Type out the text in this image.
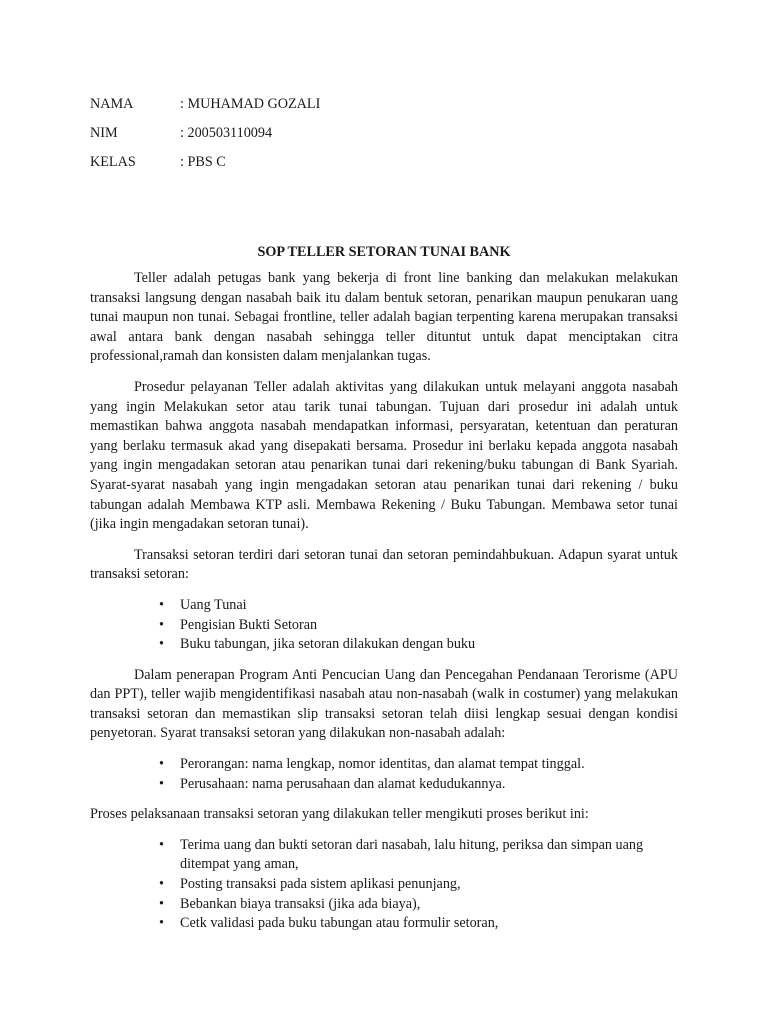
NAMA	: MUHAMAD GOZALI
NIM	: 200503110094
KELAS	: PBS C
SOP TELLER SETORAN TUNAI BANK

Teller adalah petugas bank yang bekerja di front line banking dan melakukan melakukan transaksi langsung dengan nasabah baik itu dalam bentuk setoran, penarikan maupun penukaran uang tunai maupun non tunai. Sebagai frontline, teller adalah bagian terpenting karena merupakan transaksi awal antara bank dengan nasabah sehingga teller dituntut untuk dapat menciptakan citra professional,ramah dan konsisten dalam menjalankan tugas.

Prosedur pelayanan Teller adalah aktivitas yang dilakukan untuk melayani anggota nasabah yang ingin Melakukan setor atau tarik tunai tabungan. Tujuan dari prosedur ini adalah untuk memastikan bahwa anggota nasabah mendapatkan informasi, persyaratan, ketentuan dan peraturan yang berlaku termasuk akad yang disepakati bersama. Prosedur ini berlaku kepada anggota nasabah yang ingin mengadakan setoran atau penarikan tunai dari rekening/buku tabungan di Bank Syariah. Syarat-syarat nasabah yang ingin mengadakan setoran atau penarikan tunai dari rekening / buku tabungan adalah Membawa KTP asli. Membawa Rekening / Buku Tabungan. Membawa setor tunai (jika ingin mengadakan setoran tunai).

Transaksi setoran terdiri dari setoran tunai dan setoran pemindahbukuan. Adapun syarat untuk transaksi setoran:

• Uang Tunai
• Pengisian Bukti Setoran
• Buku tabungan, jika setoran dilakukan dengan buku

Dalam penerapan Program Anti Pencucian Uang dan Pencegahan Pendanaan Terorisme (APU dan PPT), teller wajib mengidentifikasi nasabah atau non-nasabah (walk in costumer) yang melakukan transaksi setoran dan memastikan slip transaksi setoran telah diisi lengkap sesuai dengan kondisi penyetoran. Syarat transaksi setoran yang dilakukan non-nasabah adalah:

• Perorangan: nama lengkap, nomor identitas, dan alamat tempat tinggal.
• Perusahaan: nama perusahaan dan alamat kedudukannya.

Proses pelaksanaan transaksi setoran yang dilakukan teller mengikuti proses berikut ini:

• Terima uang dan bukti setoran dari nasabah, lalu hitung, periksa dan simpan uang ditempat yang aman,
• Posting transaksi pada sistem aplikasi penunjang,
• Bebankan biaya transaksi (jika ada biaya),
• Cetk validasi pada buku tabungan atau formulir setoran,
